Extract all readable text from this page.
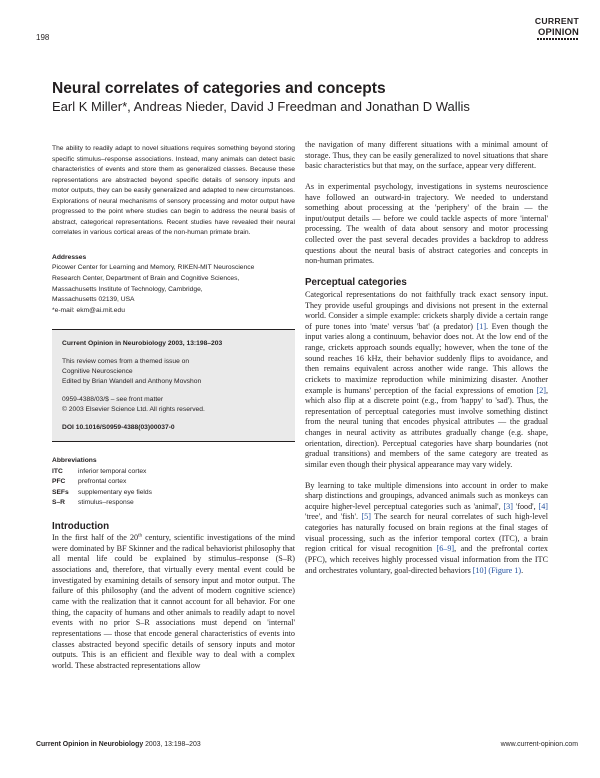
198
CURRENT
OPINION
Neural correlates of categories and concepts
Earl K Miller*, Andreas Nieder, David J Freedman and Jonathan D Wallis

The ability to readily adapt to novel situations requires something beyond storing specific stimulus–response associations. Instead, many animals can detect basic characteristics of events and store them as generalized classes. Because these representations are abstracted beyond specific details of sensory inputs and motor outputs, they can be easily generalized and adapted to new circumstances. Explorations of neural mechanisms of sensory processing and motor output have progressed to the point where studies can begin to address the neural basis of abstract, categorical representations. Recent studies have revealed their neural correlates in various cortical areas of the non-human primate brain.

Addresses
Picower Center for Learning and Memory, RIKEN-MIT Neuroscience
Research Center, Department of Brain and Cognitive Sciences,
Massachusetts Institute of Technology, Cambridge,
Massachusetts 02139, USA
*e-mail: ekm@ai.mit.edu
Current Opinion in Neurobiology 2003, 13:198–203
This review comes from a themed issue on
Cognitive Neuroscience
Edited by Brian Wandell and Anthony Movshon
0959-4388/03/$ – see front matter
© 2003 Elsevier Science Ltd. All rights reserved.
DOI 10.1016/S0959-4388(03)00037-0
Abbreviations
ITC	inferior temporal cortex
PFC	prefrontal cortex
SEFs	supplementary eye fields
S–R	stimulus–response
Introduction

In the first half of the 20th century, scientific investigations of the mind were dominated by BF Skinner and the radical behaviorist philosophy that all mental life could be explained by stimulus–response (S–R) associations and, therefore, that virtually every mental event could be investigated by examining details of sensory input and motor output. The failure of this philosophy (and the advent of modern cognitive science) came with the realization that it cannot account for all behavior. For one thing, the capacity of humans and other animals to readily adapt to novel events with no prior S–R associations must depend on 'internal' representations — those that encode general characteristics of events into classes abstracted beyond specific details of sensory inputs and motor outputs. This is an efficient and flexible way to deal with a complex world. These abstracted representations allow

the navigation of many different situations with a minimal amount of storage. Thus, they can be easily generalized to novel situations that share basic characteristics but that may, on the surface, appear very different.

As in experimental psychology, investigations in systems neuroscience have followed an outward-in trajectory. We needed to understand something about processing at the 'periphery' of the brain — the input/output details — before we could tackle aspects of more 'internal' processing. The wealth of data about sensory and motor processing collected over the past several decades provides a backdrop to address questions about the neural basis of abstract categories and concepts in non-human primates.

Perceptual categories

Categorical representations do not faithfully track exact sensory input. They provide useful groupings and divisions not present in the external world. Consider a simple example: crickets sharply divide a certain range of pure tones into 'mate' versus 'bat' (a predator) [1]. Even though the input varies along a continuum, behavior does not. At the low end of the range, crickets approach sounds equally; however, when the tone of the sound reaches 16 kHz, their behavior suddenly flips to avoidance, and then remains equivalent across another wide range. This allows the crickets to maximize reproduction while minimizing disaster. Another example is humans' perception of the facial expressions of emotion [2], which also flip at a discrete point (e.g., from 'happy' to 'sad'). Thus, the representation of perceptual categories must involve something distinct from the neural tuning that encodes physical attributes — the gradual changes in neural activity as attributes gradually change (e.g. shape, orientation, direction). Perceptual categories have sharp boundaries (not gradual transitions) and members of the same category are treated as similar even though their physical appearance may vary widely.

By learning to take multiple dimensions into account in order to make sharp distinctions and groupings, advanced animals such as monkeys can acquire higher-level perceptual categories such as 'animal', [3] 'food', [4] 'tree', and 'fish'. [5] The search for neural correlates of such high-level categories has naturally focused on brain regions at the final stages of visual processing, such as the inferior temporal cortex (ITC), a brain region critical for visual recognition [6–9], and the prefrontal cortex (PFC), which receives highly processed visual information from the ITC and orchestrates voluntary, goal-directed behaviors [10] (Figure 1).

Current Opinion in Neurobiology 2003, 13:198–203	www.current-opinion.com
